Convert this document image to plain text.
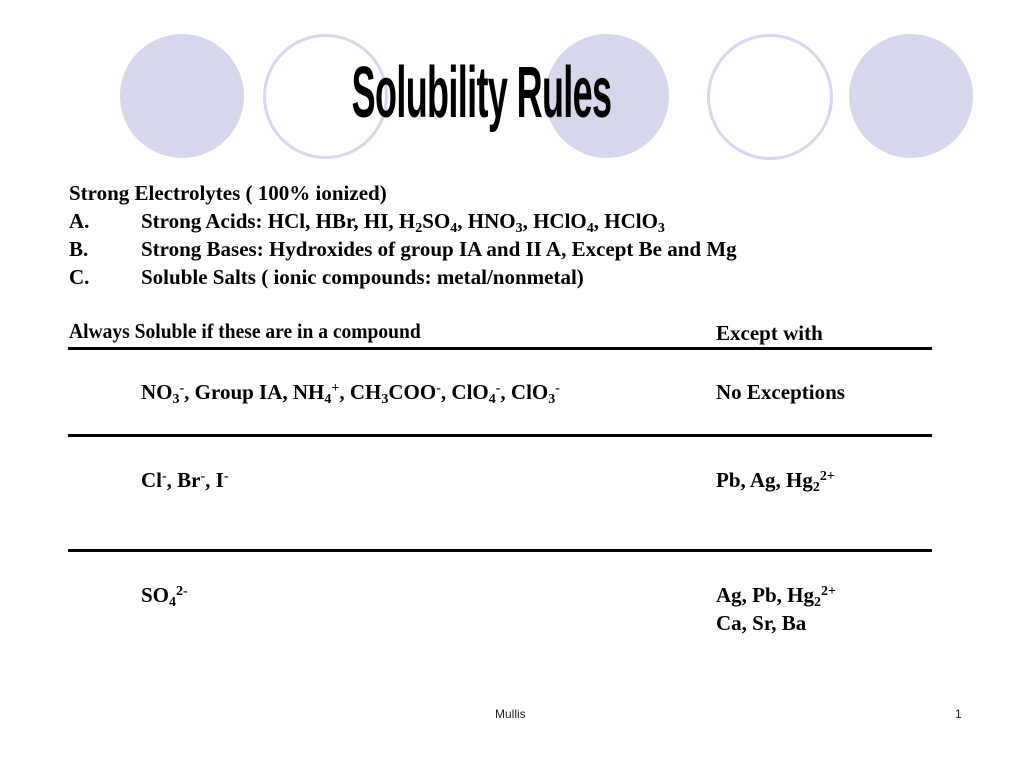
Solubility Rules
Strong Electrolytes ( 100% ionized)
A. Strong Acids: HCl, HBr, HI, $H_2SO_4$, $HNO_3$, HClO$_4$, HClO$_3$
B.	Strong Bases: Hydroxides of group IA and II A, Except Be and Mg
C. Soluble Salts ( ionic compounds: metal/nonmetal)
Always Soluble if these are in a compound	Except with
$NO_3^-$, Group IA, $NH_4^+$, $CH_3COO^-$, ClO$_4$-, ClO$_3$-	No Exceptions
Cl-, Br-, I-	Pb, Ag, $Hg_2^{2+}$
$SO_4^{2-}$	Ag, Pb, $Hg_2^{2+}$
Ca, Sr, Ba
Mullis	1
